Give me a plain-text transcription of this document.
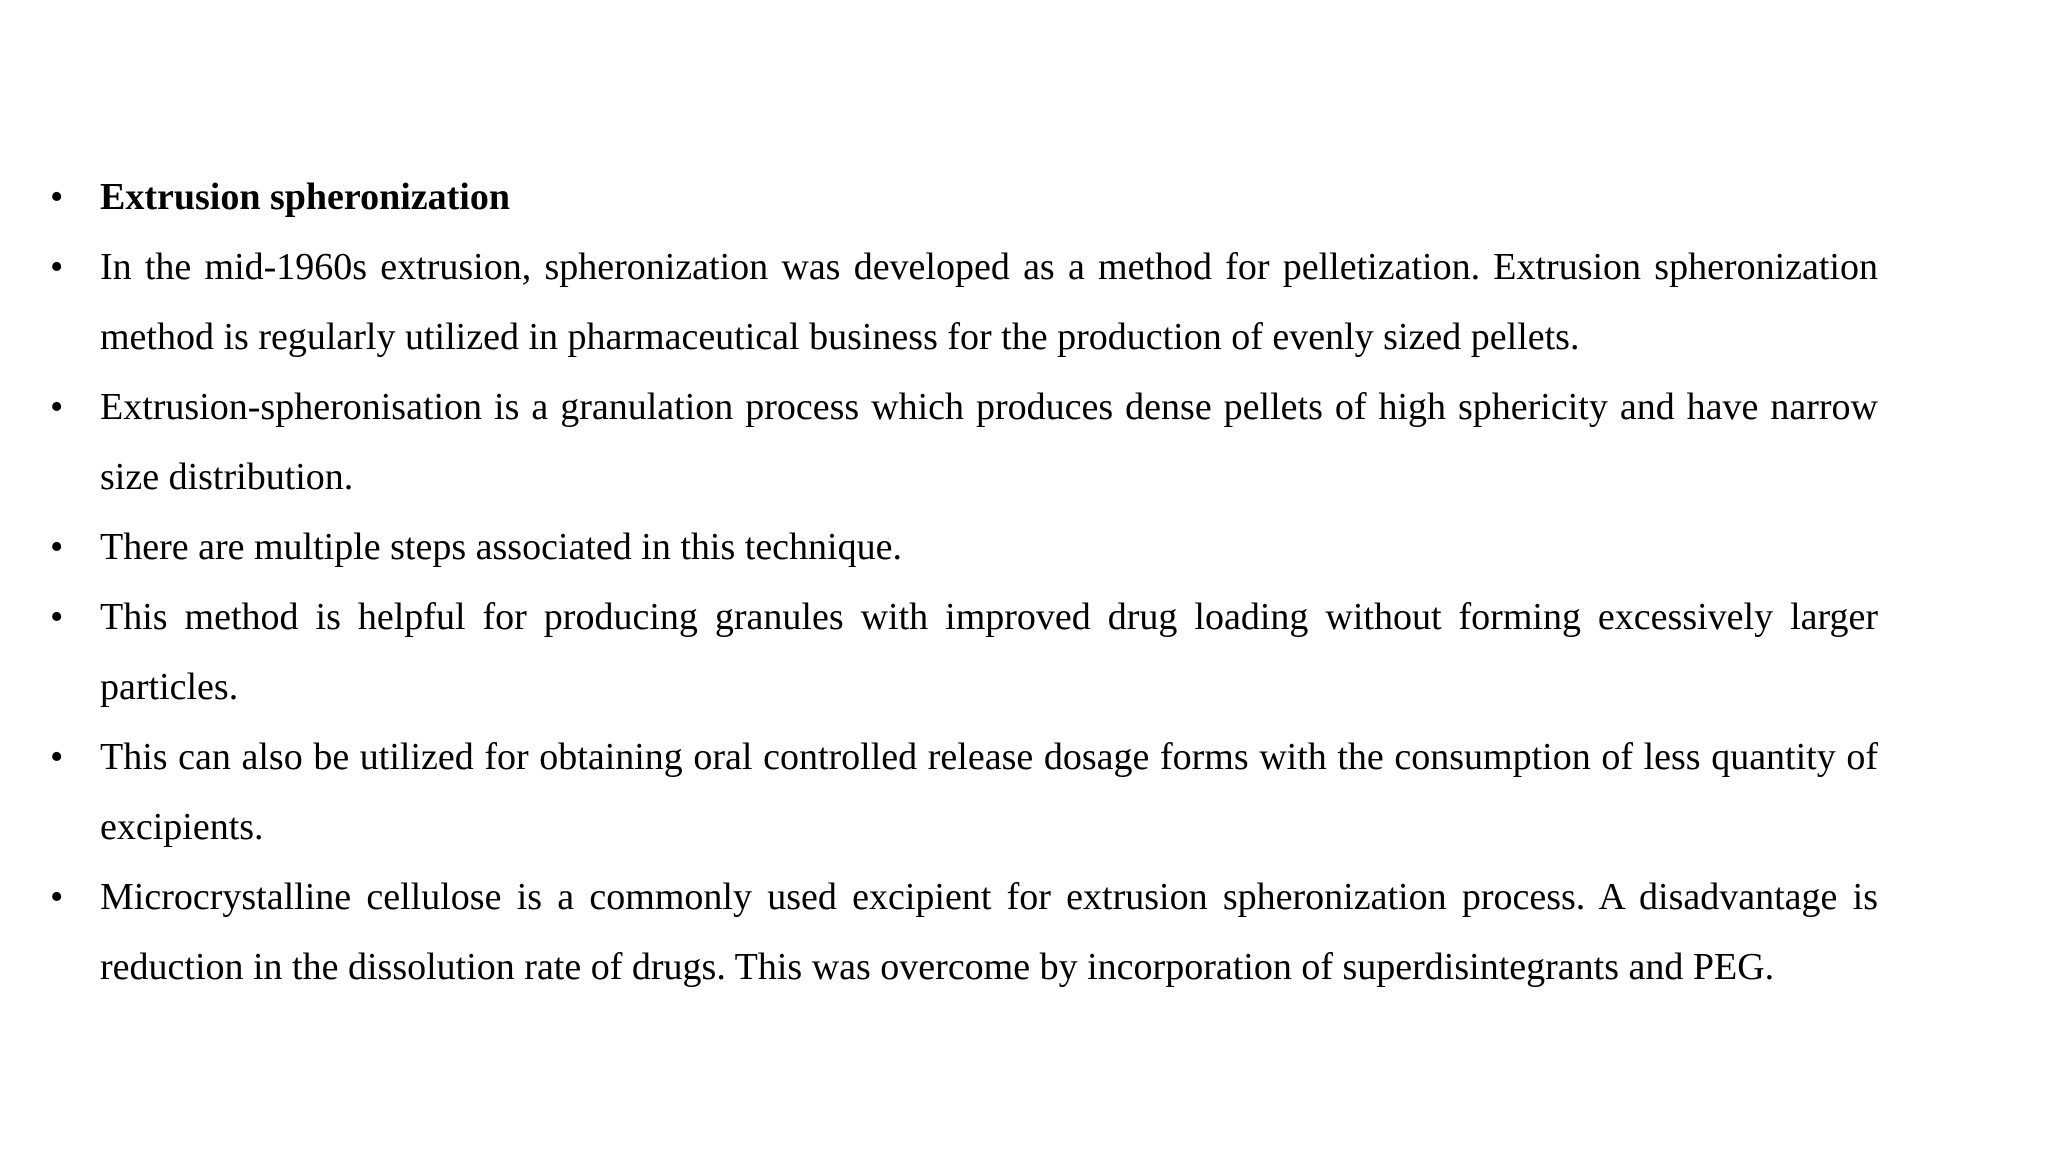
• Extrusion spheronization
• In the mid-1960s extrusion, spheronization was developed as a method for pelletization. Extrusion spheronization method is regularly utilized in pharmaceutical business for the production of evenly sized pellets.
• Extrusion-spheronisation is a granulation process which produces dense pellets of high sphericity and have narrow size distribution.
• There are multiple steps associated in this technique.
• This method is helpful for producing granules with improved drug loading without forming excessively larger particles.
• This can also be utilized for obtaining oral controlled release dosage forms with the consumption of less quantity of excipients.
• Microcrystalline cellulose is a commonly used excipient for extrusion spheronization process. A disadvantage is reduction in the dissolution rate of drugs. This was overcome by incorporation of superdisintegrants and PEG.
